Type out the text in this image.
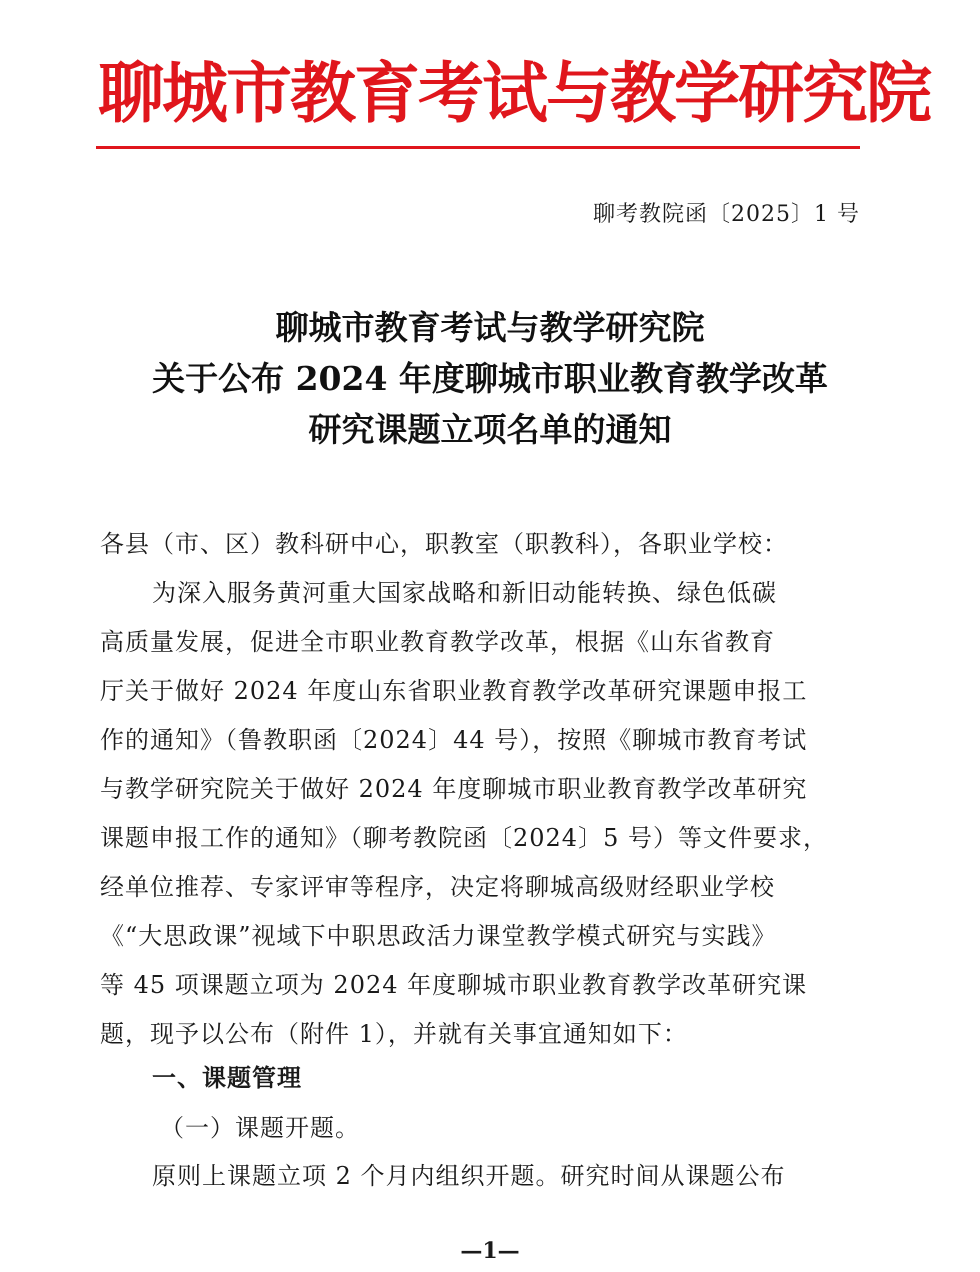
聊城市教育考试与教学研究院
聊考教院函〔2025〕1 号
聊城市教育考试与教学研究院
关于公布 2024 年度聊城市职业教育教学改革
研究课题立项名单的通知
各县（市、区）教科研中心，职教室（职教科），各职业学校：
为深入服务黄河重大国家战略和新旧动能转换、绿色低碳
高质量发展，促进全市职业教育教学改革，根据《山东省教育
厅关于做好 2024 年度山东省职业教育教学改革研究课题申报工
作的通知》（鲁教职函〔2024〕44 号），按照《聊城市教育考试
与教学研究院关于做好 2024 年度聊城市职业教育教学改革研究
课题申报工作的通知》（聊考教院函〔2024〕5 号）等文件要求，
经单位推荐、专家评审等程序，决定将聊城高级财经职业学校
《“大思政课”视域下中职思政活力课堂教学模式研究与实践》
等 45 项课题立项为 2024 年度聊城市职业教育教学改革研究课
题，现予以公布（附件 1），并就有关事宜通知如下：
一、课题管理
（一）课题开题。
原则上课题立项 2 个月内组织开题。研究时间从课题公布
—1—
